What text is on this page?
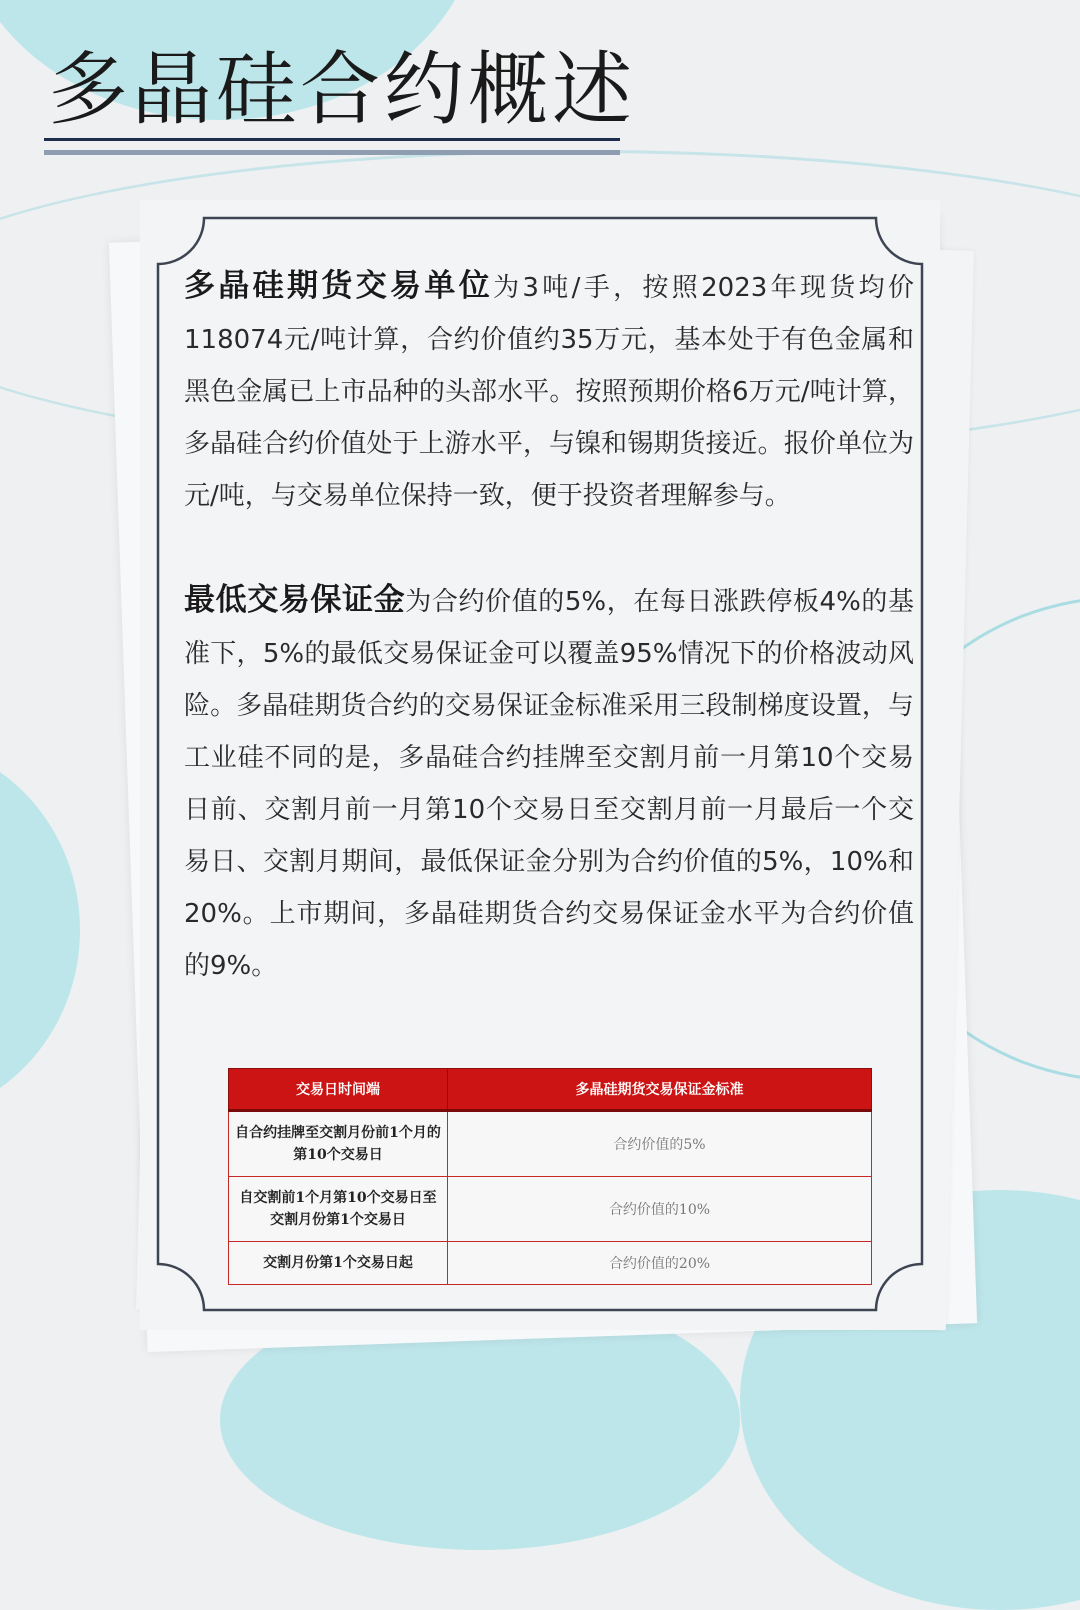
多晶硅合约概述

多晶硅期货交易单位为3吨/手，按照2023年现货均价118074元/吨计算，合约价值约35万元，基本处于有色金属和黑色金属已上市品种的头部水平。按照预期价格6万元/吨计算，多晶硅合约价值处于上游水平，与镍和锡期货接近。报价单位为元/吨，与交易单位保持一致，便于投资者理解参与。

最低交易保证金为合约价值的5%，在每日涨跌停板4%的基准下，5%的最低交易保证金可以覆盖95%情况下的价格波动风险。多晶硅期货合约的交易保证金标准采用三段制梯度设置，与工业硅不同的是，多晶硅合约挂牌至交割月前一月第10个交易日前、交割月前一月第10个交易日至交割月前一月最后一个交易日、交割月期间，最低保证金分别为合约价值的5%，10%和20%。上市期间，多晶硅期货合约交易保证金水平为合约价值的9%。

交易日时间端	多晶硅期货交易保证金标准
自合约挂牌至交割月份前1个月的第10个交易日	合约价值的5%
自交割前1个月第10个交易日至交割月份第1个交易日	合约价值的10%
交割月份第1个交易日起	合约价值的20%
